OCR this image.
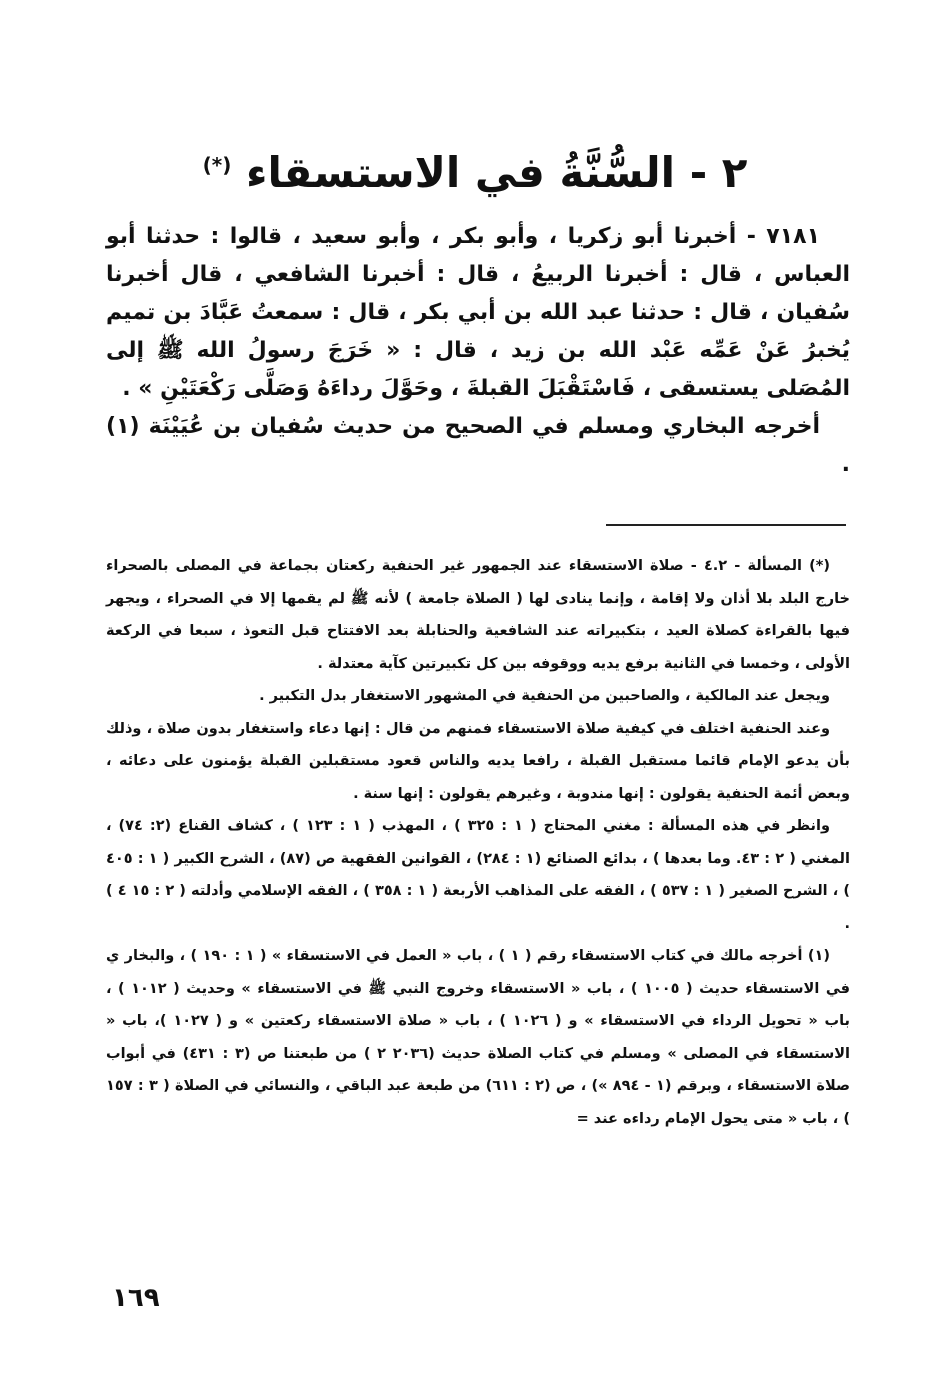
٢ - السُّنَّةُ في الاستسقاء (*)

٧١٨١ - أخبرنا أبو زكريا ، وأبو بكر ، وأبو سعيد ، قالوا : حدثنا أبو العباس ، قال : أخبرنا الربيعُ ، قال : أخبرنا الشافعي ، قال أخبرنا سُفيان ، قال : حدثنا عبد الله بن أبي بكر ، قال : سمعتُ عَبَّادَ بن تميم يُخبرُ عَنْ عَمِّه عَبْد الله بن زيد ، قال : « خَرَجَ رسولُ الله ﷺ إلى المُصَلى يستسقى ، فَاسْتَقْبَلَ القبلةَ ، وحَوَّلَ رداءَهُ وَصَلَّى رَكْعَتَيْنِ » .

أخرجه البخاري ومسلم في الصحيح من حديث سُفيان بن عُيَيْنَة (١) .

(*) المسألة - ٤.٢ - صلاة الاستسقاء عند الجمهور غير الحنفية ركعتان بجماعة في المصلى بالصحراء خارج البلد بلا أذان ولا إقامة ، وإنما ينادى لها ( الصلاة جامعة ) لأنه ﷺ لم يقمها إلا في الصحراء ، ويجهر فيها بالقراءة كصلاة العيد ، بتكبيراته عند الشافعية والحنابلة بعد الافتتاح قبل التعوذ ، سبعا في الركعة الأولى ، وخمسا في الثانية برفع يديه ووقوفه بين كل تكبيرتين كآية معتدلة .

ويجعل عند المالكية ، والصاحبين من الحنفية في المشهور الاستغفار بدل التكبير .

وعند الحنفية اختلف في كيفية صلاة الاستسقاء فمنهم من قال : إنها دعاء واستغفار بدون صلاة ، وذلك بأن يدعو الإمام قائما مستقبل القبلة ، رافعا يديه والناس قعود مستقبلين القبلة يؤمنون على دعائه ، وبعض أئمة الحنفية يقولون : إنها مندوبة ، وغيرهم يقولون : إنها سنة .

وانظر في هذه المسألة : مغني المحتاج ( ١ : ٣٢٥ ) ، المهذب ( ١ : ١٢٣ ) ، كشاف القناع (٢: ٧٤) ، المغني ( ٢ : ٤٣. وما بعدها ) ، بدائع الصنائع (١ : ٢٨٤) ، القوانين الفقهية ص (٨٧) ، الشرح الكبير ( ١ : ٤٠٥ ) ، الشرح الصغير ( ١ : ٥٣٧ ) ، الفقه على المذاهب الأربعة ( ١ : ٣٥٨ ) ، الفقه الإسلامي وأدلته ( ٢ : ١٥ ٤ ) .

(١) أخرجه مالك في كتاب الاستسقاء رقم ( ١ ) ، باب « العمل في الاستسقاء » ( ١ : ١٩٠ ) ، والبخار ي في الاستسقاء حديث ( ١٠٠٥ ) ، باب « الاستسقاء وخروج النبي ﷺ في الاستسقاء » وحديث ( ١٠١٢ ) ، باب « تحويل الرداء في الاستسقاء » و ( ١٠٢٦ ) ، باب « صلاة الاستسقاء ركعتين » و ( ١٠٢٧ )، باب « الاستسقاء في المصلى » ومسلم في كتاب الصلاة حديث (٢٠٣٦ ٢ ) من طبعتنا ص (٣ : ٤٣١) في أبواب صلاة الاستسقاء ، وبرقم (١ - ٨٩٤ ») ، ص (٢ : ٦١١) من طبعة عبد الباقي ، والنسائي في الصلاة ( ٣ : ١٥٧ ) ، باب « متى يحول الإمام رداءه عند =

١٦٩
